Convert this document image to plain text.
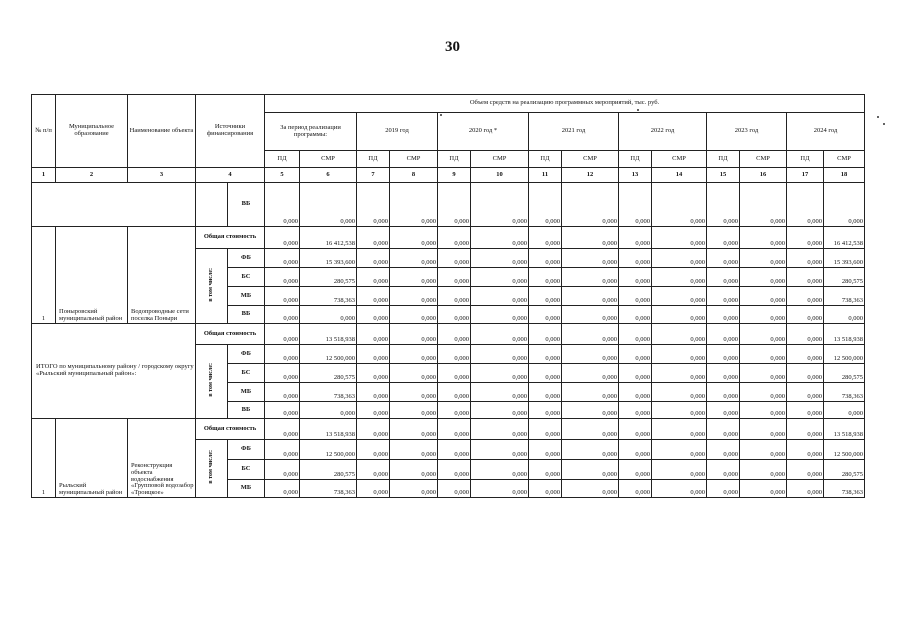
30
№ п/п	Муниципальное образование	Наименование объекта	Источники финансирования		Объем средств на реализацию программных мероприятий, тыс. руб.													
					За период реализации программы:		2019 год		2020 год *		2021 год		2022 год		2023 год		2024 год	
					ПД	СМР	ПД	СМР	ПД	СМР	ПД	СМР	ПД	СМР	ПД	СМР	ПД	СМР
1	2	3	4		5	6	7	8	9	10	11	12	13	14	15	16	17	18
				ВБ	0,000	0,000	0,000	0,000	0,000	0,000	0,000	0,000	0,000	0,000	0,000	0,000	0,000	0,000
1	Поныровский муниципальный район	Водопроводные сети поселка Поныри	Общая стоимость		0,000	16 412,538	0,000	0,000	0,000	0,000	0,000	0,000	0,000	0,000	0,000	0,000	0,000	16 412,538
			в том числе:	ФБ	0,000	15 393,600	0,000	0,000	0,000	0,000	0,000	0,000	0,000	0,000	0,000	0,000	0,000	15 393,600
				БС	0,000	280,575	0,000	0,000	0,000	0,000	0,000	0,000	0,000	0,000	0,000	0,000	0,000	280,575
				МБ	0,000	738,363	0,000	0,000	0,000	0,000	0,000	0,000	0,000	0,000	0,000	0,000	0,000	738,363
				ВБ	0,000	0,000	0,000	0,000	0,000	0,000	0,000	0,000	0,000	0,000	0,000	0,000	0,000	0,000
ИТОГО по муниципальному району / городскому округу «Рыльский муниципальный район»:			Общая стоимость		0,000	13 518,938	0,000	0,000	0,000	0,000	0,000	0,000	0,000	0,000	0,000	0,000	0,000	13 518,938
			в том числе:	ФБ	0,000	12 500,000	0,000	0,000	0,000	0,000	0,000	0,000	0,000	0,000	0,000	0,000	0,000	12 500,000
				БС	0,000	280,575	0,000	0,000	0,000	0,000	0,000	0,000	0,000	0,000	0,000	0,000	0,000	280,575
				МБ	0,000	738,363	0,000	0,000	0,000	0,000	0,000	0,000	0,000	0,000	0,000	0,000	0,000	738,363
				ВБ	0,000	0,000	0,000	0,000	0,000	0,000	0,000	0,000	0,000	0,000	0,000	0,000	0,000	0,000
1	Рыльский муниципальный район	Реконструкция объекта водоснабжения «Групповой водозабор «Троицкое»	Общая стоимость		0,000	13 518,938	0,000	0,000	0,000	0,000	0,000	0,000	0,000	0,000	0,000	0,000	0,000	13 518,938
			в том числе:	ФБ	0,000	12 500,000	0,000	0,000	0,000	0,000	0,000	0,000	0,000	0,000	0,000	0,000	0,000	12 500,000
				БС	0,000	280,575	0,000	0,000	0,000	0,000	0,000	0,000	0,000	0,000	0,000	0,000	0,000	280,575
				МБ	0,000	738,363	0,000	0,000	0,000	0,000	0,000	0,000	0,000	0,000	0,000	0,000	0,000	738,363
